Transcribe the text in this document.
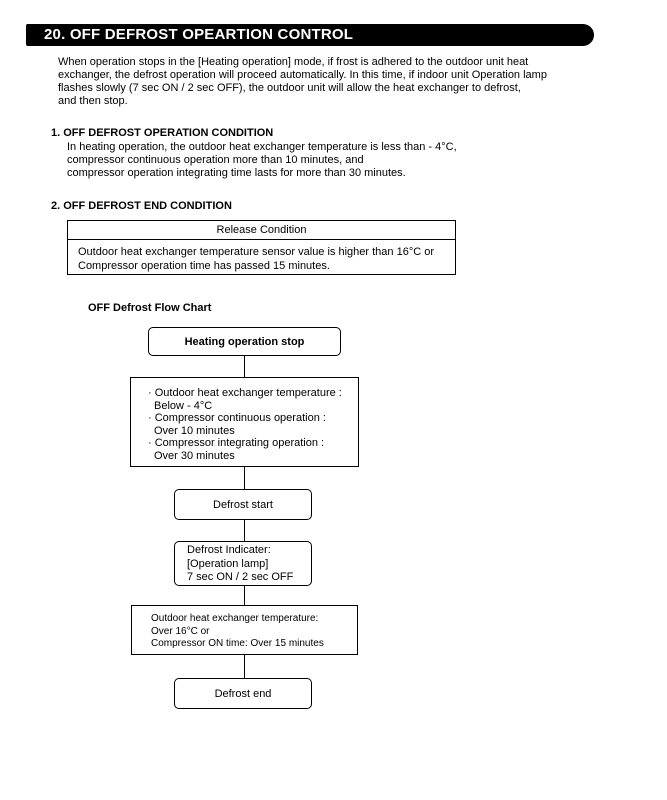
20. OFF DEFROST OPEARTION CONTROL
When operation stops in the [Heating operation] mode, if frost is adhered to the outdoor unit heat
exchanger, the defrost operation will proceed automatically. In this time, if indoor unit Operation lamp
flashes slowly (7 sec ON / 2 sec OFF), the outdoor unit will allow the heat exchanger to defrost,
and then stop.
1. OFF DEFROST OPERATION CONDITION
In heating operation, the outdoor heat exchanger temperature is less than - 4°C,
compressor continuous operation more than 10 minutes, and
compressor operation integrating time lasts for more than 30 minutes.
2. OFF DEFROST END CONDITION
Release Condition
Outdoor heat exchanger temperature sensor value is higher than 16°C or
Compressor operation time has passed 15 minutes.
OFF Defrost Flow Chart
Heating operation stop
· Outdoor heat exchanger temperature :
Below - 4°C
· Compressor continuous operation :
Over 10 minutes
· Compressor integrating operation :
Over 30 minutes
Defrost start
Defrost Indicater:
[Operation lamp]
7 sec ON / 2 sec OFF
Outdoor heat exchanger temperature:
Over 16°C or
Compressor ON time: Over 15 minutes
Defrost end
